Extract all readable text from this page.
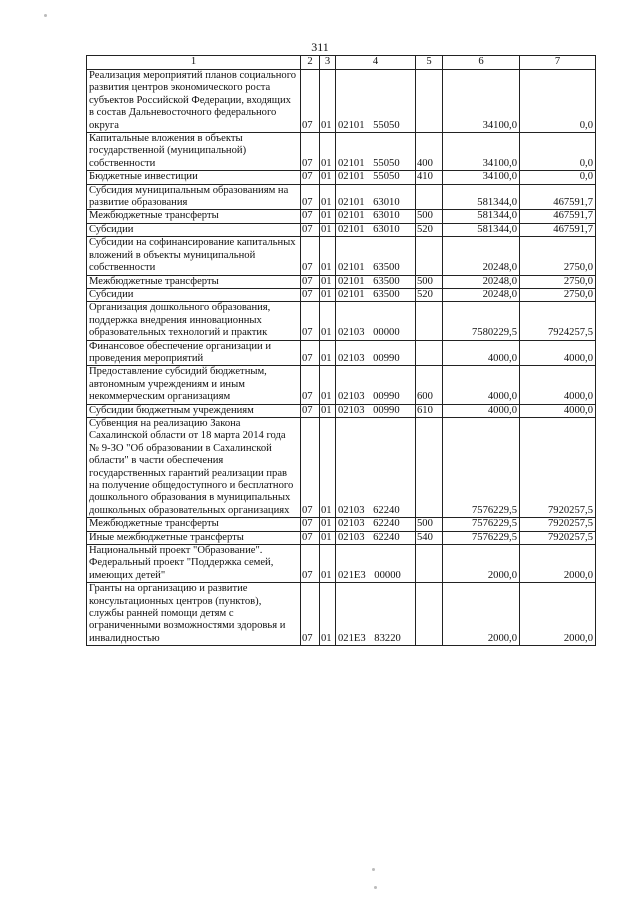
311
1	2	3	4	5	6	7
Реализация мероприятий планов социального развития центров экономического роста субъектов Российской Федерации, входящих в состав Дальневосточного федерального округа	07	01	02101 55050		34100,0	0,0
Капитальные вложения в объекты государственной (муниципальной) собственности	07	01	02101 55050	400	34100,0	0,0
Бюджетные инвестиции	07	01	02101 55050	410	34100,0	0,0
Субсидия муниципальным образованиям на развитие образования	07	01	02101 63010		581344,0	467591,7
Межбюджетные трансферты	07	01	02101 63010	500	581344,0	467591,7
Субсидии	07	01	02101 63010	520	581344,0	467591,7
Субсидии на софинансирование капитальных вложений в объекты муниципальной собственности	07	01	02101 63500		20248,0	2750,0
Межбюджетные трансферты	07	01	02101 63500	500	20248,0	2750,0
Субсидии	07	01	02101 63500	520	20248,0	2750,0
Организация дошкольного образования, поддержка внедрения инновационных образовательных технологий и практик	07	01	02103 00000		7580229,5	7924257,5
Финансовое обеспечение организации и проведения мероприятий	07	01	02103 00990		4000,0	4000,0
Предоставление субсидий бюджетным, автономным учреждениям и иным некоммерческим организациям	07	01	02103 00990	600	4000,0	4000,0
Субсидии бюджетным учреждениям	07	01	02103 00990	610	4000,0	4000,0
Субвенция на реализацию Закона Сахалинской области от 18 марта 2014 года № 9-ЗО "Об образовании в Сахалинской области" в части обеспечения государственных гарантий реализации прав на получение общедоступного и бесплатного дошкольного образования в муниципальных дошкольных образовательных организациях	07	01	02103 62240		7576229,5	7920257,5
Межбюджетные трансферты	07	01	02103 62240	500	7576229,5	7920257,5
Иные межбюджетные трансферты	07	01	02103 62240	540	7576229,5	7920257,5
Национальный проект "Образование". Федеральный проект "Поддержка семей, имеющих детей"	07	01	021E3 00000		2000,0	2000,0
Гранты на организацию и развитие консультационных центров (пунктов), службы ранней помощи детям с ограниченными возможностями здоровья и инвалидностью	07	01	021E3 83220		2000,0	2000,0
